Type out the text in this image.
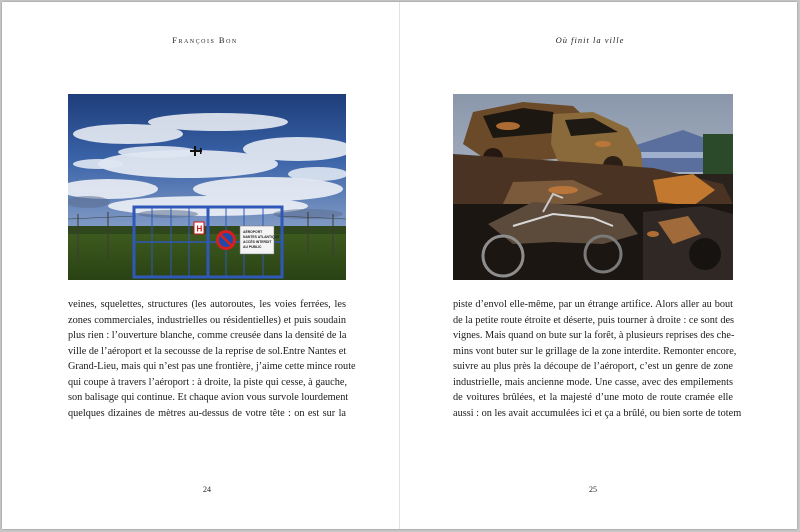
François Bon
H	AÉROPORT
NANTES ATLANTIQUE
ACCÈS INTERDIT
AU PUBLIC
veines, squelettes, structures (les autoroutes, les voies ferrées, les
zones commerciales, industrielles ou résidentielles) et puis soudain
plus rien : l’ouverture blanche, comme creusée dans la densité de la
ville de l’aéroport et la secousse de la reprise de sol.Entre Nantes et
Grand-Lieu, mais qui n’est pas une frontière, j’aime cette mince route
qui coupe à travers l’aéroport : à droite, la piste qui cesse, à gauche,
son balisage qui continue. Et chaque avion vous survole lourdement
quelques dizaines de mètres au-dessus de votre tête : on est sur la
24
Où finit la ville
piste d’envol elle-même, par un étrange artifice. Alors aller au bout
de la petite route étroite et déserte, puis tourner à droite : ce sont des
vignes. Mais quand on bute sur la forêt, à plusieurs reprises des che-
mins vont buter sur le grillage de la zone interdite. Remonter encore,
suivre au plus près la découpe de l’aéroport, c’est un genre de zone
industrielle, mais ancienne mode. Une casse, avec des empilements
de voitures brûlées, et la majesté d’une moto de route cramée elle
aussi : on les avait accumulées ici et ça a brûlé, ou bien sorte de totem
25
